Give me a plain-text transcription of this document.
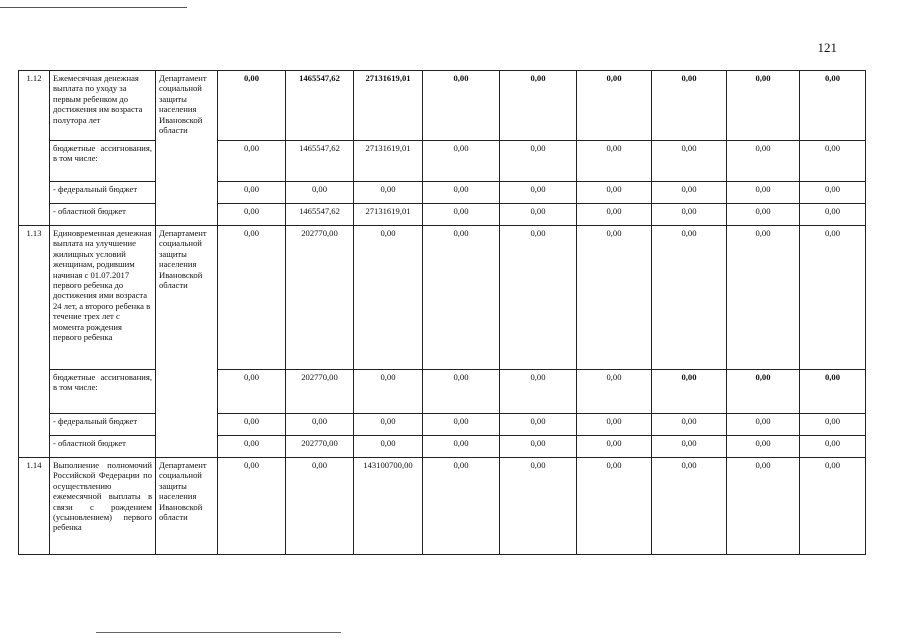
121
1.12	Ежемесячная денежная выплата по уходу за первым ребенком до достижения им возраста полутора лет	Департамент социальной защиты населения Ивановской области	0,00	1465547,62	27131619,01	0,00	0,00	0,00	0,00	0,00	0,00
	бюджетные ассигнования, в том числе:		0,00	1465547,62	27131619,01	0,00	0,00	0,00	0,00	0,00	0,00
	- федеральный бюджет		0,00	0,00	0,00	0,00	0,00	0,00	0,00	0,00	0,00
	- областной бюджет		0,00	1465547,62	27131619,01	0,00	0,00	0,00	0,00	0,00	0,00
1.13	Единовременная денежная выплата на улучшение жилищных условий женщинам, родившим начиная с 01.07.2017 первого ребенка до достижения ими возраста 24 лет, а второго ребенка в течение трех лет с момента рождения первого ребенка	Департамент социальной защиты населения Ивановской области	0,00	202770,00	0,00	0,00	0,00	0,00	0,00	0,00	0,00
	бюджетные ассигнования, в том числе:		0,00	202770,00	0,00	0,00	0,00	0,00	0,00	0,00	0,00
	- федеральный бюджет		0,00	0,00	0,00	0,00	0,00	0,00	0,00	0,00	0,00
	- областной бюджет		0,00	202770,00	0,00	0,00	0,00	0,00	0,00	0,00	0,00
1.14	Выполнение полномочий Российской Федерации по осуществлению ежемесячной выплаты в связи с рождением (усыновлением) первого ребенка	Департамент социальной защиты населения Ивановской области	0,00	0,00	143100700,00	0,00	0,00	0,00	0,00	0,00	0,00
